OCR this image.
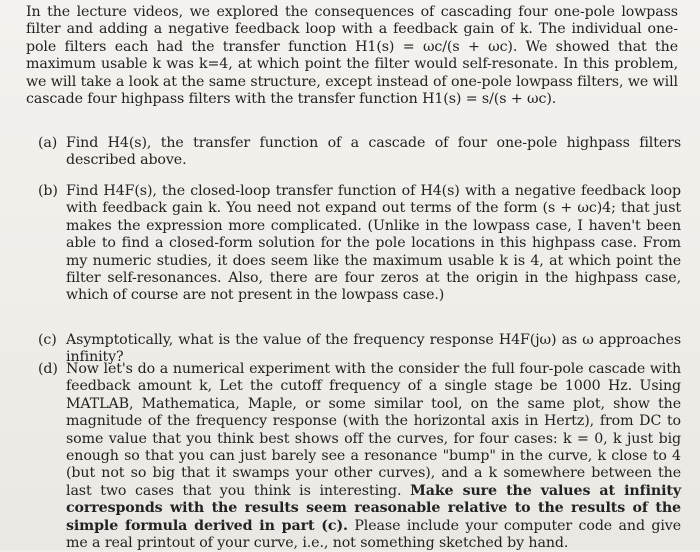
In the lecture videos, we explored the consequences of cascading four one-pole lowpass filter and adding a negative feedback loop with a feedback gain of k. The individual one-pole filters each had the transfer function H1(s) = ωc/(s + ωc). We showed that the maximum usable k was k=4, at which point the filter would self-resonate. In this problem, we will take a look at the same structure, except instead of one-pole lowpass filters, we will cascade four highpass filters with the transfer function H1(s) = s/(s + ωc).
(a) Find H4(s), the transfer function of a cascade of four one-pole highpass filters described above.
(b) Find H4F(s), the closed-loop transfer function of H4(s) with a negative feedback loop with feedback gain k. You need not expand out terms of the form (s + ωc)4; that just makes the expression more complicated. (Unlike in the lowpass case, I haven't been able to find a closed-form solution for the pole locations in this highpass case. From my numeric studies, it does seem like the maximum usable k is 4, at which point the filter self-resonances. Also, there are four zeros at the origin in the highpass case, which of course are not present in the lowpass case.)
(c) Asymptotically, what is the value of the frequency response H4F(jω) as ω approaches infinity?
(d) Now let's do a numerical experiment with the consider the full four-pole cascade with feedback amount k, Let the cutoff frequency of a single stage be 1000 Hz. Using MATLAB, Mathematica, Maple, or some similar tool, on the same plot, show the magnitude of the frequency response (with the horizontal axis in Hertz), from DC to some value that you think best shows off the curves, for four cases: k = 0, k just big enough so that you can just barely see a resonance "bump" in the curve, k close to 4 (but not so big that it swamps your other curves), and a k somewhere between the last two cases that you think is interesting. Make sure the values at infinity corresponds with the results seem reasonable relative to the results of the simple formula derived in part (c). Please include your computer code and give me a real printout of your curve, i.e., not something sketched by hand.
